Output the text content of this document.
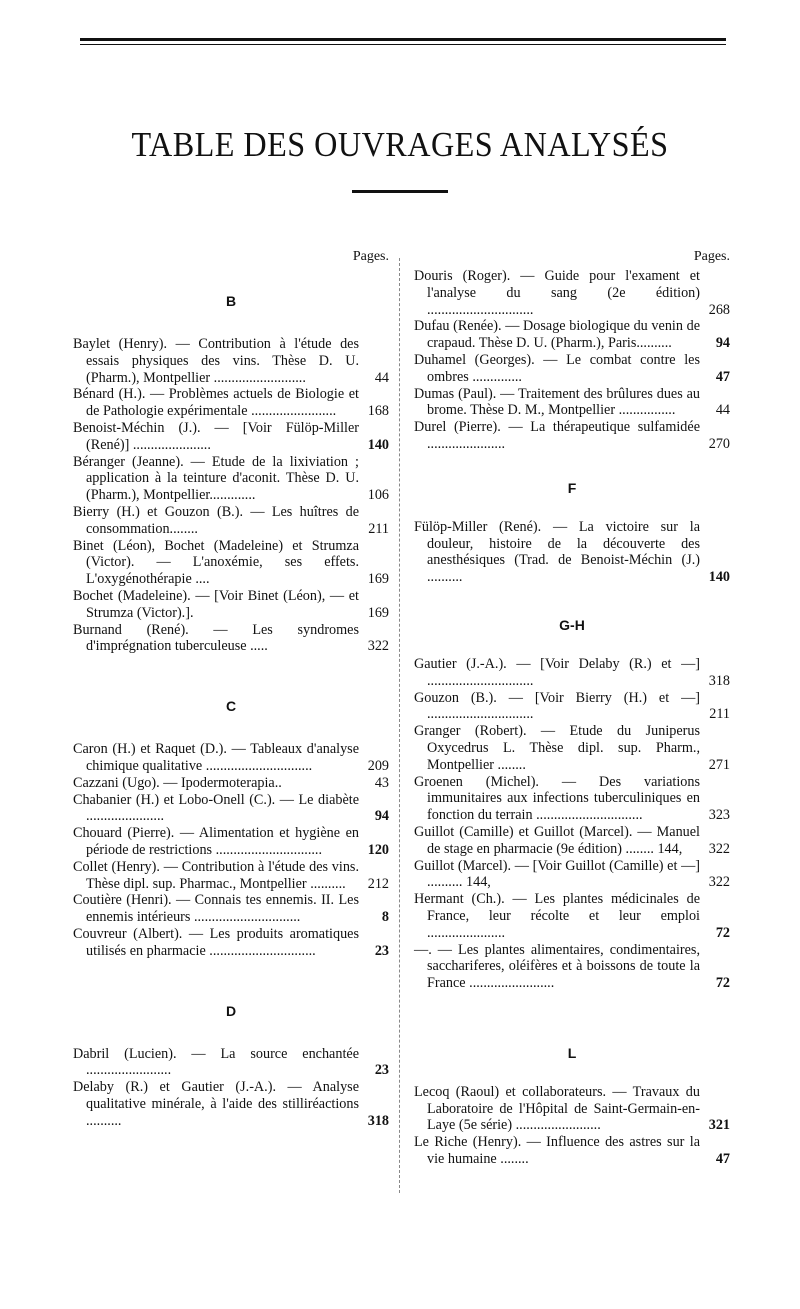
TABLE DES OUVRAGES ANALYSÉS
Pages.
B
Baylet (Henry). — Contribution à l'étude des essais physiques des vins. Thèse D. U. (Pharm.), Montpellier ..........................	44
Bénard (H.). — Problèmes actuels de Biologie et de Pathologie expérimentale ........................	168
Benoist-Méchin (J.). — [Voir Fülöp-Miller (René)] ......................	140
Béranger (Jeanne). — Etude de la lixiviation ; application à la teinture d'aconit. Thèse D. U. (Pharm.), Montpellier.............	106
Bierry (H.) et Gouzon (B.). — Les huîtres de consommation........	211
Binet (Léon), Bochet (Madeleine) et Strumza (Victor). — L'anoxémie, ses effets. L'oxygénothérapie ....	169
Bochet (Madeleine). — [Voir Binet (Léon), — et Strumza (Victor).].	169
Burnand (René). — Les syndromes d'imprégnation tuberculeuse .....	322
C
Caron (H.) et Raquet (D.). — Tableaux d'analyse chimique qualitative ..............................	209
Cazzani (Ugo). — Ipodermoterapia..	43
Chabanier (H.) et Lobo-Onell (C.). — Le diabète ......................	94
Chouard (Pierre). — Alimentation et hygiène en période de restrictions ..............................	120
Collet (Henry). — Contribution à l'étude des vins. Thèse dipl. sup. Pharmac., Montpellier ..........	212
Coutière (Henri). — Connais tes ennemis. II. Les ennemis intérieurs ..............................	8
Couvreur (Albert). — Les produits aromatiques utilisés en pharmacie ..............................	23
D
Dabril (Lucien). — La source enchantée ........................	23
Delaby (R.) et Gautier (J.-A.). — Analyse qualitative minérale, à l'aide des stilliréactions ..........	318
Pages.
Douris (Roger). — Guide pour l'exament et l'analyse du sang (2e édition) ..............................	268
Dufau (Renée). — Dosage biologique du venin de crapaud. Thèse D. U. (Pharm.), Paris..........	94
Duhamel (Georges). — Le combat contre les ombres ..............	47
Dumas (Paul). — Traitement des brûlures dues au brome. Thèse D. M., Montpellier ................	44
Durel (Pierre). — La thérapeutique sulfamidée ......................	270
F
Fülöp-Miller (René). — La victoire sur la douleur, histoire de la découverte des anesthésiques (Trad. de Benoist-Méchin (J.) ..........	140
G-H
Gautier (J.-A.). — [Voir Delaby (R.) et —] ..............................	318
Gouzon (B.). — [Voir Bierry (H.) et —] ..............................	211
Granger (Robert). — Etude du Juniperus Oxycedrus L. Thèse dipl. sup. Pharm., Montpellier ........	271
Groenen (Michel). — Des variations immunitaires aux infections tuberculiniques en fonction du terrain ..............................	323
Guillot (Camille) et Guillot (Marcel). — Manuel de stage en pharmacie (9e édition) ........ 144,	322
Guillot (Marcel). — [Voir Guillot (Camille) et —] .......... 144,	322
Hermant (Ch.). — Les plantes médicinales de France, leur récolte et leur emploi ......................	72
—. — Les plantes alimentaires, condimentaires, sacchariferes, oléifères et à boissons de toute la France ........................	72
L
Lecoq (Raoul) et collaborateurs. — Travaux du Laboratoire de l'Hôpital de Saint-Germain-en-Laye (5e série) ........................	321
Le Riche (Henry). — Influence des astres sur la vie humaine ........	47
